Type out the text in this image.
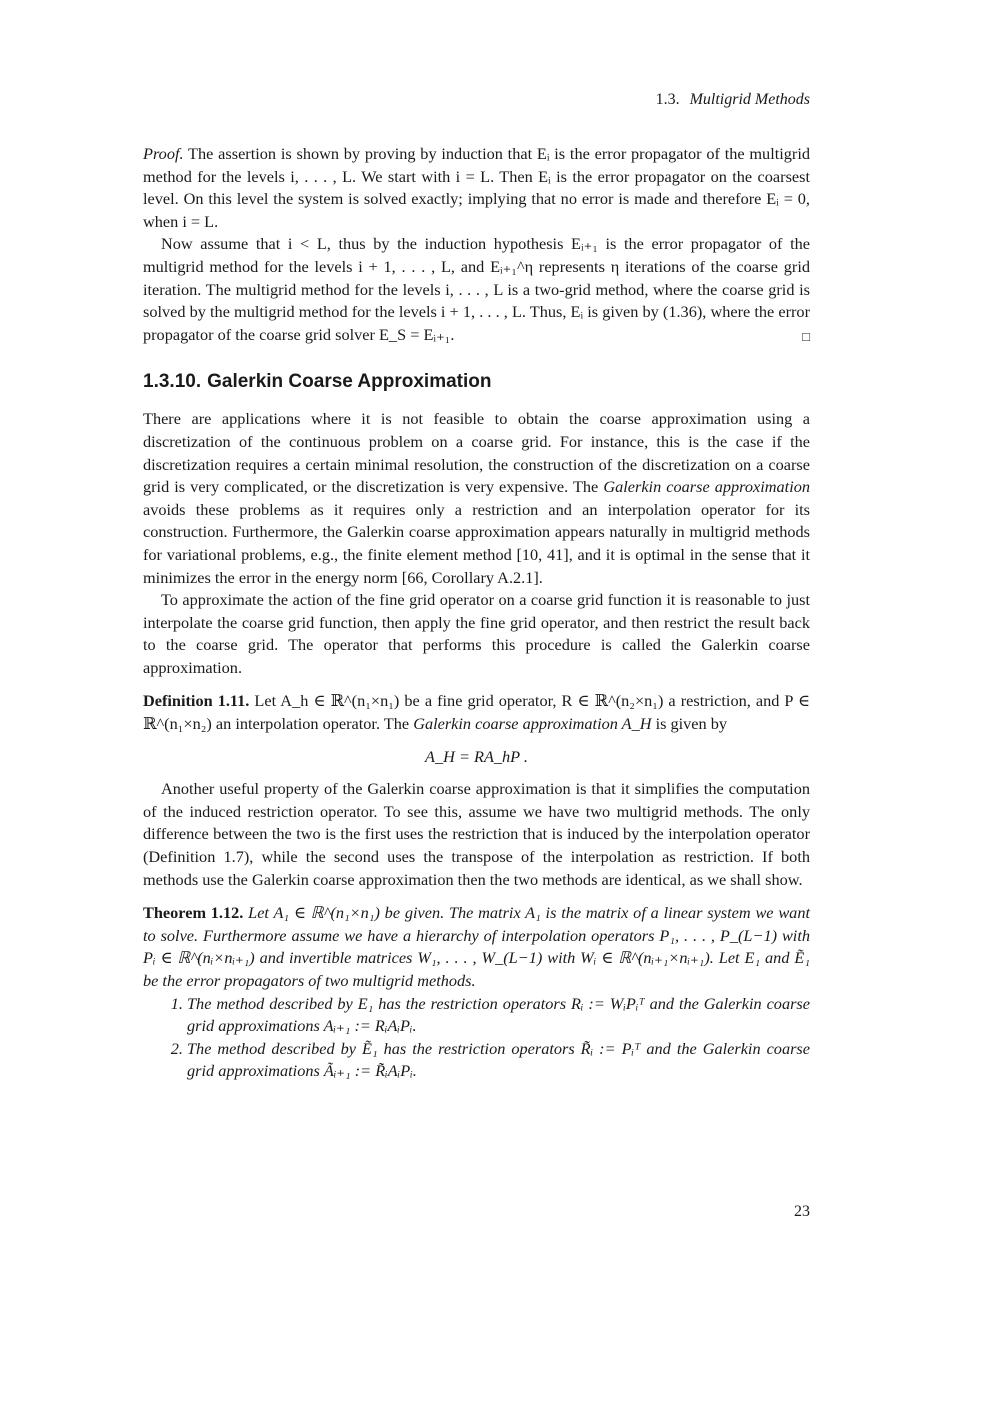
1.3. Multigrid Methods

Proof. The assertion is shown by proving by induction that Eᵢ is the error propagator of the multigrid method for the levels i, . . . , L. We start with i = L. Then Eᵢ is the error propagator on the coarsest level. On this level the system is solved exactly; implying that no error is made and therefore Eᵢ = 0, when i = L.

Now assume that i < L, thus by the induction hypothesis Eᵢ₊₁ is the error propagator of the multigrid method for the levels i + 1, . . . , L, and Eᵢ₊₁^η represents η iterations of the coarse grid iteration. The multigrid method for the levels i, . . . , L is a two-grid method, where the coarse grid is solved by the multigrid method for the levels i + 1, . . . , L. Thus, Eᵢ is given by (1.36), where the error propagator of the coarse grid solver E_S = Eᵢ₊₁.	□

1.3.10. Galerkin Coarse Approximation

There are applications where it is not feasible to obtain the coarse approximation using a discretization of the continuous problem on a coarse grid. For instance, this is the case if the discretization requires a certain minimal resolution, the construction of the discretization on a coarse grid is very complicated, or the discretization is very expensive. The Galerkin coarse approximation avoids these problems as it requires only a restriction and an interpolation operator for its construction. Furthermore, the Galerkin coarse approximation appears naturally in multigrid methods for variational problems, e.g., the finite element method [10, 41], and it is optimal in the sense that it minimizes the error in the energy norm [66, Corollary A.2.1].

To approximate the action of the fine grid operator on a coarse grid function it is reasonable to just interpolate the coarse grid function, then apply the fine grid operator, and then restrict the result back to the coarse grid. The operator that performs this procedure is called the Galerkin coarse approximation.

Definition 1.11. Let A_h ∈ ℝ^(n₁×n₁) be a fine grid operator, R ∈ ℝ^(n₂×n₁) a restriction, and P ∈ ℝ^(n₁×n₂) an interpolation operator. The Galerkin coarse approximation A_H is given by

A_H = RA_hP .

Another useful property of the Galerkin coarse approximation is that it simplifies the computation of the induced restriction operator. To see this, assume we have two multigrid methods. The only difference between the two is the first uses the restriction that is induced by the interpolation operator (Definition 1.7), while the second uses the transpose of the interpolation as restriction. If both methods use the Galerkin coarse approximation then the two methods are identical, as we shall show.

Theorem 1.12. Let A₁ ∈ ℝ^(n₁×n₁) be given. The matrix A₁ is the matrix of a linear system we want to solve. Furthermore assume we have a hierarchy of interpolation operators P₁, . . . , P_(L−1) with Pᵢ ∈ ℝ^(nᵢ×nᵢ₊₁) and invertible matrices W₁, . . . , W_(L−1) with Wᵢ ∈ ℝ^(nᵢ₊₁×nᵢ₊₁). Let E₁ and Ẽ₁ be the error propagators of two multigrid methods.

1. The method described by E₁ has the restriction operators Rᵢ := WᵢPᵢᵀ and the Galerkin coarse grid approximations Aᵢ₊₁ := RᵢAᵢPᵢ.
2. The method described by Ẽ₁ has the restriction operators R̃ᵢ := Pᵢᵀ and the Galerkin coarse grid approximations Ãᵢ₊₁ := R̃ᵢAᵢPᵢ.
23
